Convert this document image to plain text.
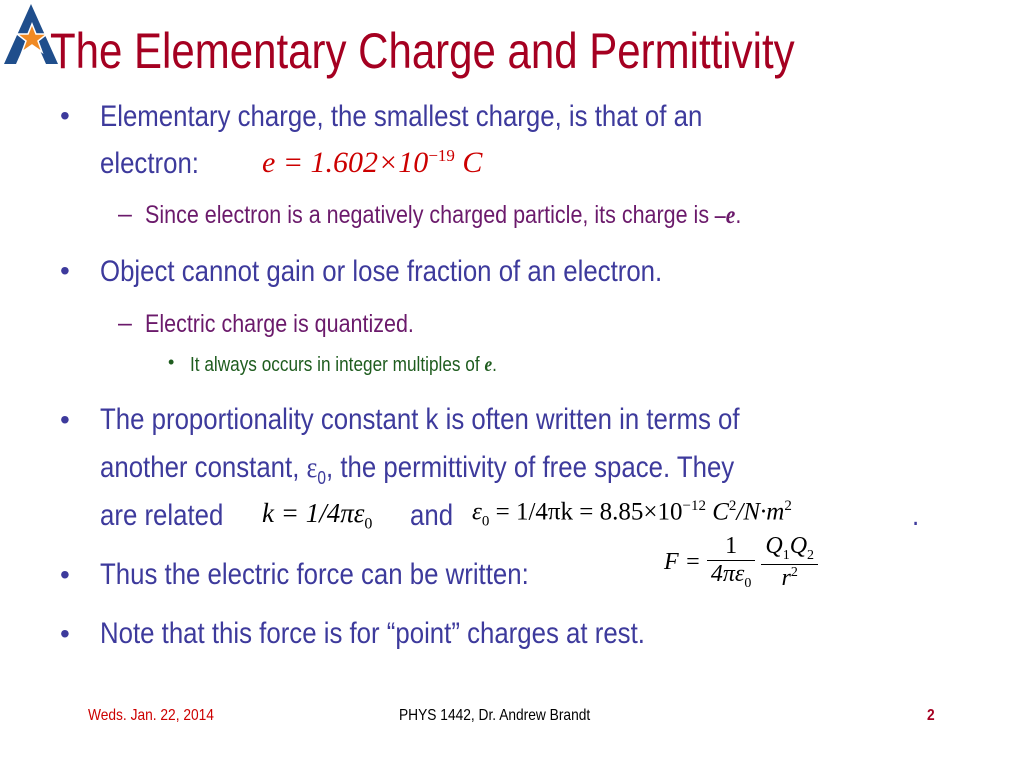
The Elementary Charge and Permittivity
• Elementary charge, the smallest charge, is that of an
electron: $e = 1.602\times 10^{-19}$ C
– Since electron is a negatively charged particle, its charge is –e.
• Object cannot gain or lose fraction of an electron.
– Electric charge is quantized.
• It always occurs in integer multiples of e.
• The proportionality constant k is often written in terms of
another constant, $\varepsilon_0$, the permittivity of free space. They
are related $k = 1/4\pi\varepsilon_0$ and $\varepsilon_0 = 1/4\pi k = 8.85\times 10^{-12}$ $C^2/N\cdot m^2$	.
• Thus the electric force can be written:	$F = \frac{1}{4\pi\varepsilon_0}$
$\frac{Q_1Q_2}{r^2}$
• Note that this force is for “point” charges at rest.
Weds. Jan. 22, 2014	PHYS 1442, Dr. Andrew Brandt	2
